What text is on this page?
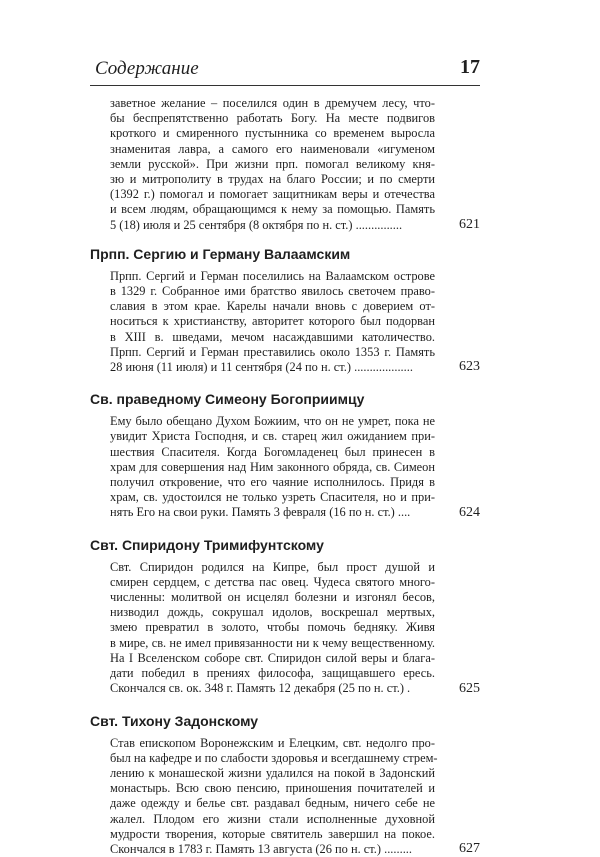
Содержание	17
заветное желание – поселился один в дремучем лесу, что-
бы беспрепятственно работать Богу. На месте подвигов
кроткого и смиренного пустынника со временем выросла
знаменитая лавра, а самого его наименовали «игуменом
земли русской». При жизни прп. помогал великому кня-
зю и митрополиту в трудах на благо России; и по смерти
(1392 г.) помогал и помогает защитникам веры и отечества
и всем людям, обращающимся к нему за помощью. Память
5 (18) июля и 25 сентября (8 октября по н. ст.) ...............	621
Прпп. Сергию и Герману Валаамским
Прпп. Сергий и Герман поселились на Валаамском острове
в 1329 г. Собранное ими братство явилось светочем право-
славия в этом крае. Карелы начали вновь с доверием от-
носиться к христианству, авторитет которого был подорван
в XIII в. шведами, мечом насаждавшими католичество.
Прпп. Сергий и Герман преставились около 1353 г. Память
28 июня (11 июля) и 11 сентября (24 по н. ст.) ...................	623
Св. праведному Симеону Богоприимцу
Ему было обещано Духом Божиим, что он не умрет, пока не
увидит Христа Господня, и св. старец жил ожиданием при-
шествия Спасителя. Когда Богомладенец был принесен в
храм для совершения над Ним законного обряда, св. Симеон
получил откровение, что его чаяние исполнилось. Придя в
храм, св. удостоился не только узреть Спасителя, но и при-
нять Его на свои руки. Память 3 февраля (16 по н. ст.) ....	624
Свт. Спиридону Тримифунтскому
Свт. Спиридон родился на Кипре, был прост душой и
смирен сердцем, с детства пас овец. Чудеса святого много-
численны: молитвой он исцелял болезни и изгонял бесов,
низводил дождь, сокрушал идолов, воскрешал мертвых,
змею превратил в золото, чтобы помочь бедняку. Живя
в мире, св. не имел привязанности ни к чему вещественному.
На I Вселенском соборе свт. Спиридон силой веры и блага-
дати победил в прениях философа, защищавшего ересь.
Скончался св. ок. 348 г. Память 12 декабря (25 по н. ст.) .	625
Свт. Тихону Задонскому
Став епископом Воронежским и Елецким, свт. недолго про-
был на кафедре и по слабости здоровья и всегдашнему стрем-
лению к монашеской жизни удалился на покой в Задонский
монастырь. Всю свою пенсию, приношения почитателей и
даже одежду и белье свт. раздавал бедным, ничего себе не
жалел. Плодом его жизни стали исполненные духовной
мудрости творения, которые святитель завершил на покое.
Скончался в 1783 г. Память 13 августа (26 по н. ст.) .........	627
